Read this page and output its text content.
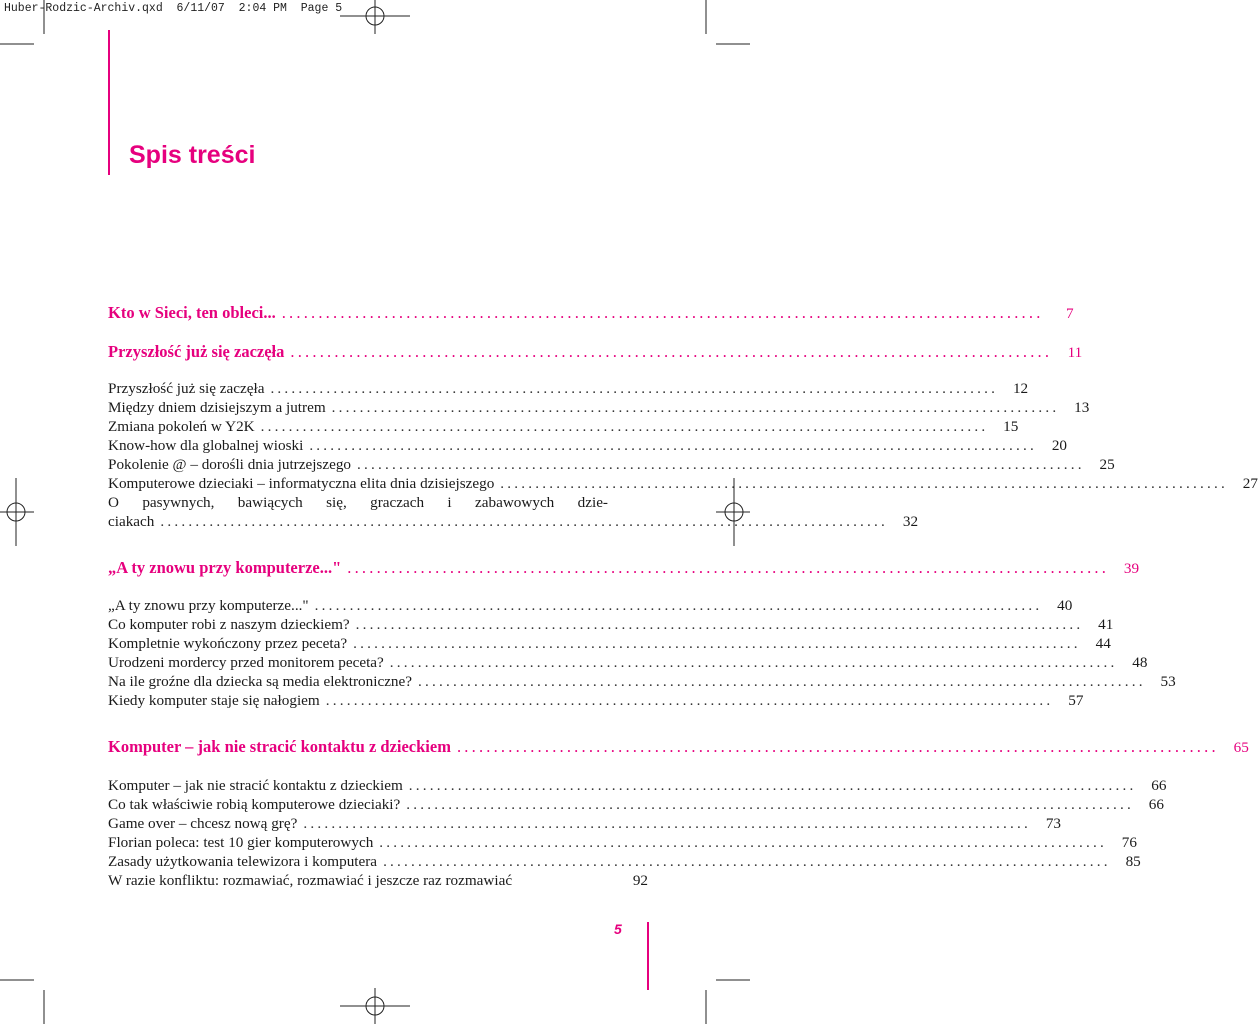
Huber-Rodzic-Archiv.qxd  6/11/07  2:04 PM  Page 5
Spis treści
Kto w Sieci, ten obleci... ........................................................................................................	7
Przyszłość już się zaczęła ........................................................................................................	11
Przyszłość już się zaczęła ........................................................................................................ 12
Między dniem dzisiejszym a jutrem ........................................................................................................ 13
Zmiana pokoleń w Y2K ........................................................................................................ 15
Know-how dla globalnej wioski ........................................................................................................ 20
Pokolenie @ – dorośli dnia jutrzejszego ........................................................................................................ 25
Komputerowe dzieciaki – informatyczna elita dnia dzisiejszego ........................................................................................................ 27
O pasywnych, bawiących się, graczach i zabawowych dzie-
ciakach ........................................................................................................ 32
„A ty znowu przy komputerze..." ........................................................................................................ 39
„A ty znowu przy komputerze..." ........................................................................................................ 40
Co komputer robi z naszym dzieckiem? ........................................................................................................ 41
Kompletnie wykończony przez peceta? ........................................................................................................ 44
Urodzeni mordercy przed monitorem peceta? ........................................................................................................ 48
Na ile groźne dla dziecka są media elektroniczne? ........................................................................................................ 53
Kiedy komputer staje się nałogiem ........................................................................................................ 57
Komputer – jak nie stracić kontaktu z dzieckiem ........................................................................................................ 65
Komputer – jak nie stracić kontaktu z dzieckiem ........................................................................................................ 66
Co tak właściwie robią komputerowe dzieciaki? ........................................................................................................ 66
Game over – chcesz nową grę? ........................................................................................................ 73
Florian poleca: test 10 gier komputerowych ........................................................................................................ 76
Zasady użytkowania telewizora i komputera ........................................................................................................ 85
W razie konfliktu: rozmawiać, rozmawiać i jeszcze raz rozmawiać	92
5
